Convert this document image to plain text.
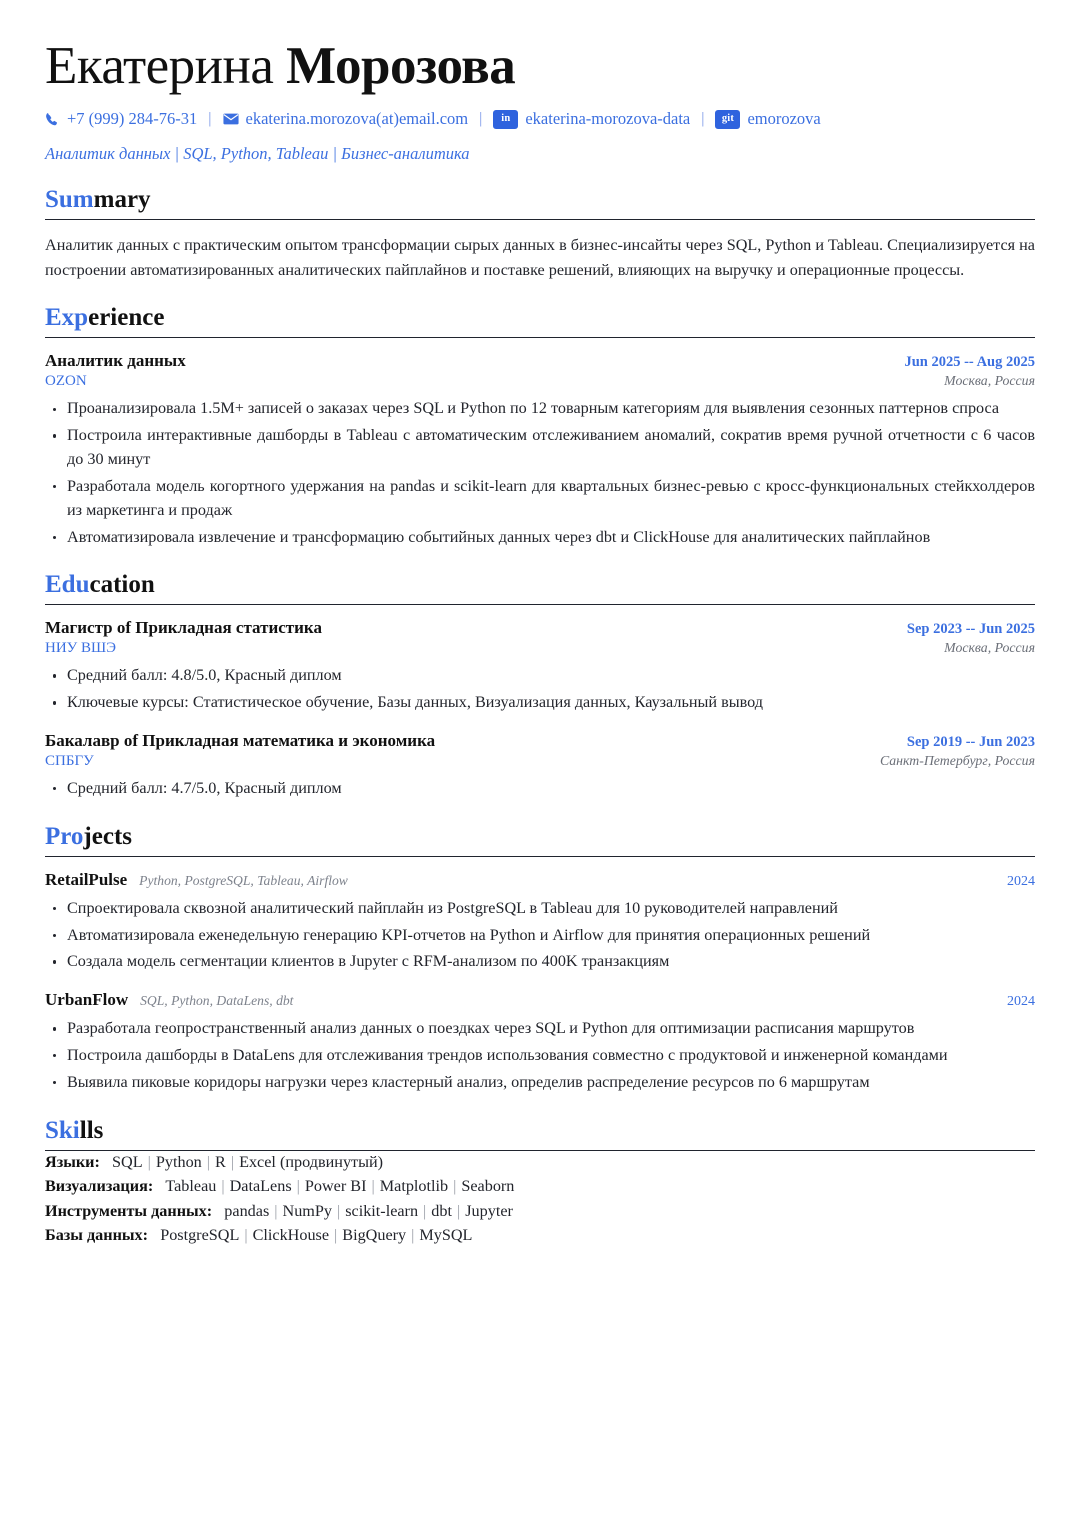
Екатерина Морозова
+7 (999) 284-76-31 | ekaterina.morozova(at)email.com |	in ekaterina-morozova-data |	git emorozova
Аналитик данных | SQL, Python, Tableau | Бизнес-аналитика
Summary

Аналитик данных с практическим опытом трансформации сырых данных в бизнес-инсайты через SQL, Python и Tableau. Специализируется на построении автоматизированных аналитических пайплайнов и поставке решений, влияющих на выручку и операционные процессы.

Experience
Аналитик данных	Jun 2025 -- Aug 2025
OZON	Москва, Россия
Проанализировала 1.5M+ записей о заказах через SQL и Python по 12 товарным категориям для выявления сезонных паттернов спроса
Построила интерактивные дашборды в Tableau с автоматическим отслеживанием аномалий, сократив время ручной отчетности с 6 часов до 30 минут
Разработала модель когортного удержания на pandas и scikit-learn для квартальных бизнес-ревью с кросс-функциональных стейкхолдеров из маркетинга и продаж
Автоматизировала извлечение и трансформацию событийных данных через dbt и ClickHouse для аналитических пайплайнов
Education
Магистр of Прикладная статистика	Sep 2023 -- Jun 2025
НИУ ВШЭ	Москва, Россия
Средний балл: 4.8/5.0, Красный диплом
Ключевые курсы: Статистическое обучение, Базы данных, Визуализация данных, Каузальный вывод
Бакалавр of Прикладная математика и экономика	Sep 2019 -- Jun 2023
СПБГУ	Санкт-Петербург, Россия
Средний балл: 4.7/5.0, Красный диплом
Projects
RetailPulse Python, PostgreSQL, Tableau, Airflow	2024
Спроектировала сквозной аналитический пайплайн из PostgreSQL в Tableau для 10 руководителей направлений
Автоматизировала еженедельную генерацию KPI-отчетов на Python и Airflow для принятия операционных решений
Создала модель сегментации клиентов в Jupyter с RFM-анализом по 400K транзакциям
UrbanFlow SQL, Python, DataLens, dbt	2024
Разработала геопространственный анализ данных о поездках через SQL и Python для оптимизации расписания маршрутов
Построила дашборды в DataLens для отслеживания трендов использования совместно с продуктовой и инженерной командами
Выявила пиковые коридоры нагрузки через кластерный анализ, определив распределение ресурсов по 6 маршрутам
Skills
Языки:   SQL | Python | R | Excel (продвинутый)
Визуализация:   Tableau | DataLens | Power BI | Matplotlib | Seaborn
Инструменты данных:   pandas | NumPy | scikit-learn | dbt | Jupyter
Базы данных:   PostgreSQL | ClickHouse | BigQuery | MySQL
